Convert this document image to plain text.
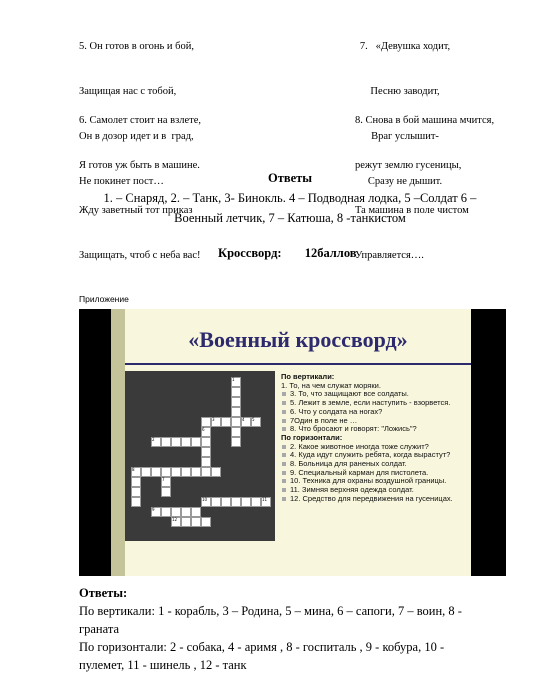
5. Он готов в огонь и бой,

Защищая нас с тобой,

Он в дозор идет и в  град,

Не покинет пост…

7.   «Девушка ходит,

Песню заводит,

Враг услышит-

Сразу не дышит.

6. Самолет стоит на взлете,

Я готов уж быть в машине.

Жду заветный тот приказ

Защищать, чтоб с неба вас!

8. Снова в бой машина мчится,

режут землю гусеницы,

Та машина в поле чистом

Управляется….

Ответы
1. – Снаряд, 2. – Танк, 3- Бинокль. 4 – Подводная лодка, 5 –Солдат 6 –
Военный летчик, 7 – Катюша, 8 -танкистом
Кроссворд: 12баллов
Приложение
«Военный кроссворд»
1
3	4 5
6
2
8
7
10
9
12
11
По вертикали:
1. То, на чем служат моряки.
3. То, что защищают все солдаты.
5. Лежит в земле, если наступить - взорвется.
6. Что у солдата на ногах?
7Один в поле не …
8. Что бросают и говорят: "Ложись"?
По горизонтали:
2. Какое животное иногда тоже служит?
4. Куда идут служить ребята, когда вырастут?
8. Больница для раненых солдат.
9. Специальный карман для пистолета.
10. Техника для охраны воздушной границы.
11. Зимняя верхняя одежда солдат.
12. Средство для передвижения на гусеницах.
Ответы:
По вертикали: 1 - корабль, 3 – Родина, 5 – мина, 6 – сапоги, 7 – воин, 8 -
граната
По горизонтали: 2 - собака, 4 - аримя , 8 - госпиталь , 9 - кобура, 10 -
пулемет, 11 - шинель , 12 - танк
